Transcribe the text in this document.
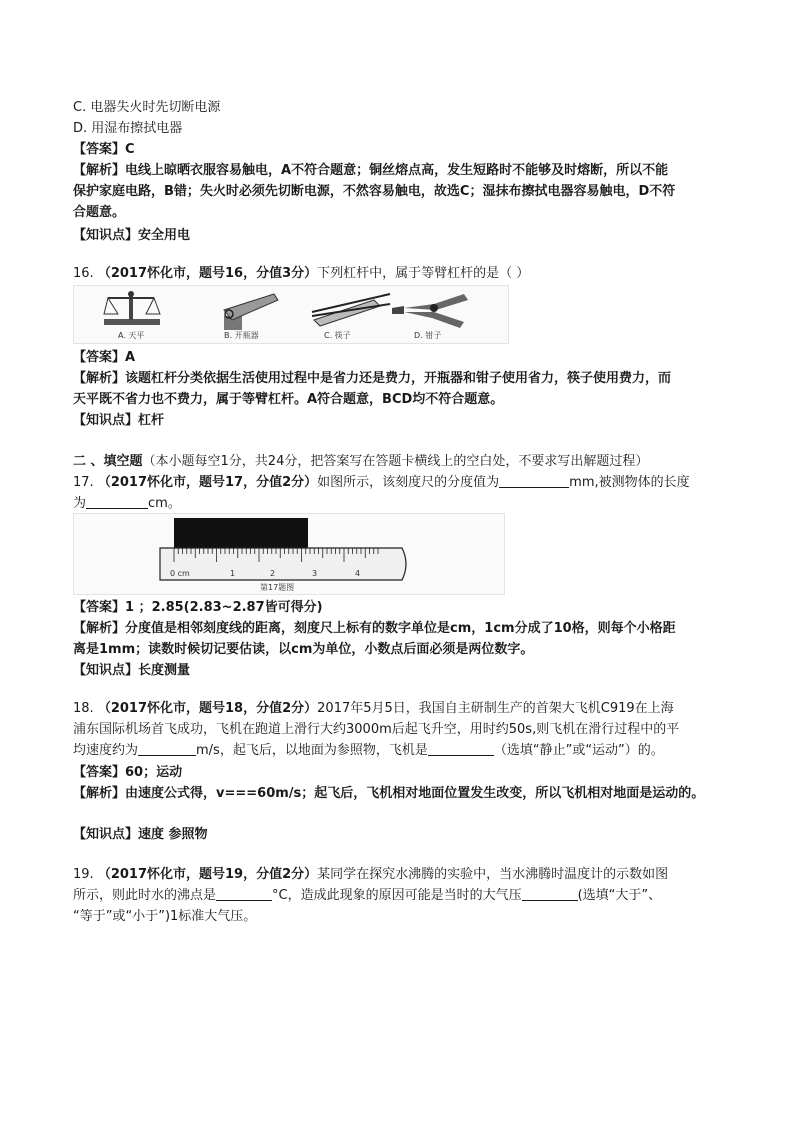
C. 电器失火时先切断电源
D. 用湿布擦拭电器
【答案】C
【解析】电线上晾晒衣服容易触电，A不符合题意；铜丝熔点高，发生短路时不能够及时熔断，所以不能
保护家庭电路，B错；失火时必须先切断电源，不然容易触电，故选C；湿抹布擦拭电器容易触电，D不符
合题意。
【知识点】安全用电
16. （2017怀化市，题号16，分值3分）下列杠杆中，属于等臂杠杆的是（ ）
A. 天平	B. 开瓶器	C. 筷子	D. 钳子
【答案】A
【解析】该题杠杆分类依据生活使用过程中是省力还是费力，开瓶器和钳子使用省力，筷子使用费力，而
天平既不省力也不费力，属于等臂杠杆。A符合题意，BCD均不符合题意。
【知识点】杠杆
二 、填空题（本小题每空1分，共24分，把答案写在答题卡横线上的空白处，不要求写出解题过程）
17. （2017怀化市，题号17，分值2分）如图所示，该刻度尺的分度值为	mm,被测物体的长度
为	cm。
0 cm	1	2	3	4
第17题图
【答案】1 ；2.85(2.83~2.87皆可得分)
【解析】分度值是相邻刻度线的距离，刻度尺上标有的数字单位是cm，1cm分成了10格，则每个小格距
离是1mm；读数时候切记要估读，以cm为单位，小数点后面必须是两位数字。
【知识点】长度测量
18. （2017怀化市，题号18，分值2分）2017年5月5日，我国自主研制生产的首架大飞机C919在上海
浦东国际机场首飞成功，飞机在跑道上滑行大约3000m后起飞升空，用时约50s,则飞机在滑行过程中的平
均速度约为	m/s，起飞后，以地面为参照物，飞机是	（选填“静止”或“运动”）的。
【答案】60；运动
【解析】由速度公式得，v===60m/s；起飞后，飞机相对地面位置发生改变，所以飞机相对地面是运动的。
【知识点】速度 参照物
19. （2017怀化市，题号19，分值2分）某同学在探究水沸腾的实验中，当水沸腾时温度计的示数如图
所示，则此时水的沸点是	°C，造成此现象的原因可能是当时的大气压	(选填“大于”、
“等于”或“小于”)1标准大气压。
